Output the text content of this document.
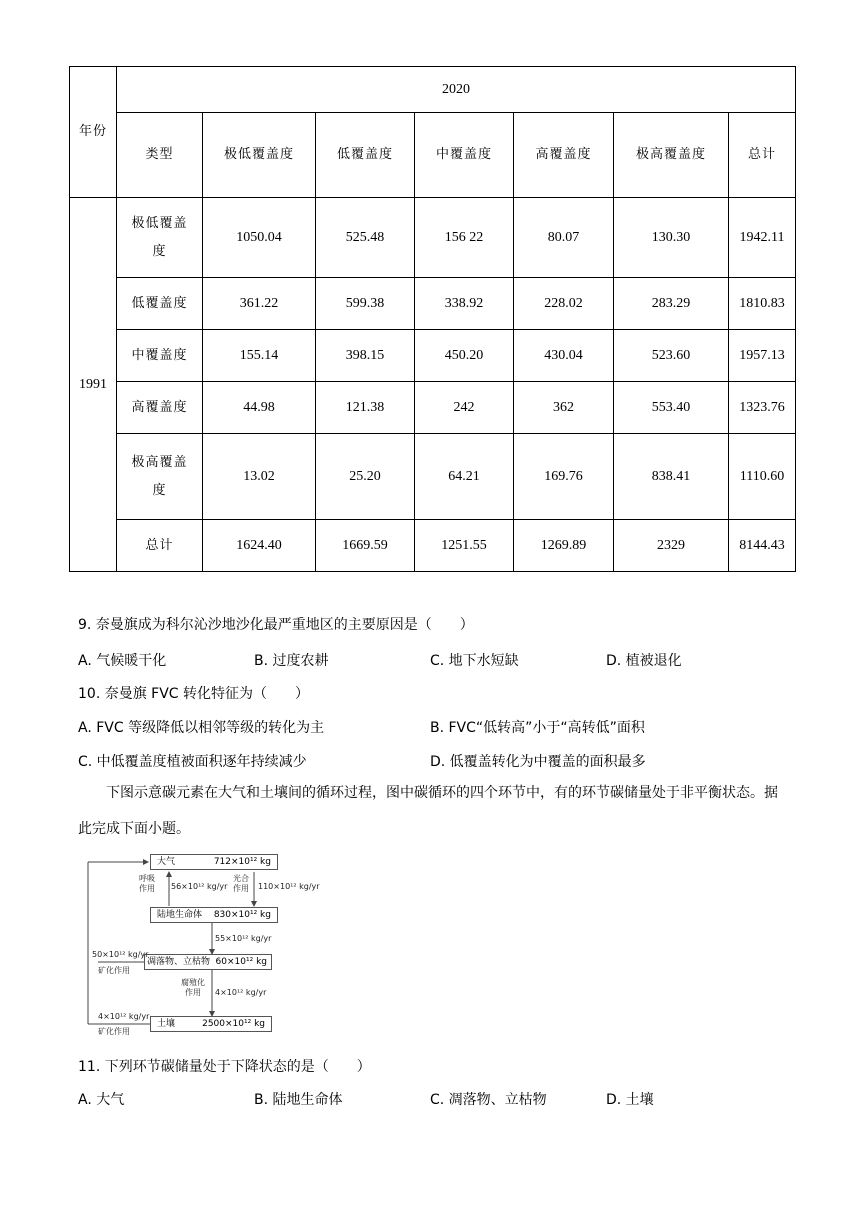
年份	2020						
	类型	极低覆盖度	低覆盖度	中覆盖度	高覆盖度	极高覆盖度	总计
1991	极低覆盖度	1050.04	525.48	156 22	80.07	130.30	1942.11
	低覆盖度	361.22	599.38	338.92	228.02	283.29	1810.83
	中覆盖度	155.14	398.15	450.20	430.04	523.60	1957.13
	高覆盖度	44.98	121.38	242	362	553.40	1323.76
	极高覆盖度	13.02	25.20	64.21	169.76	838.41	1110.60
	总计	1624.40	1669.59	1251.55	1269.89	2329	8144.43
9. 奈曼旗成为科尔沁沙地沙化最严重地区的主要原因是（　　）
A. 气候暖干化	B. 过度农耕	C. 地下水短缺	D. 植被退化
10. 奈曼旗 FVC 转化特征为（　　）
A. FVC 等级降低以相邻等级的转化为主	B. FVC“低转高”小于“高转低”面积
C. 中低覆盖度植被面积逐年持续减少	D. 低覆盖转化为中覆盖的面积最多
下图示意碳元素在大气和土壤间的循环过程，图中碳循环的四个环节中，有的环节碳储量处于非平衡状态。据此完成下面小题。
大气	712×10¹² kg
陆地生命体 830×10¹² kg
凋落物、立枯物 60×10¹² kg
土壤	2500×10¹² kg
呼吸作用	56×10¹² kg/yr
光合作用	110×10¹² kg/yr
55×10¹² kg/yr
50×10¹² kg/yr
矿化作用
腐殖化作用	4×10¹² kg/yr
4×10¹² kg/yr
矿化作用
11. 下列环节碳储量处于下降状态的是（　　）
A. 大气	B. 陆地生命体	C. 凋落物、立枯物	D. 土壤
